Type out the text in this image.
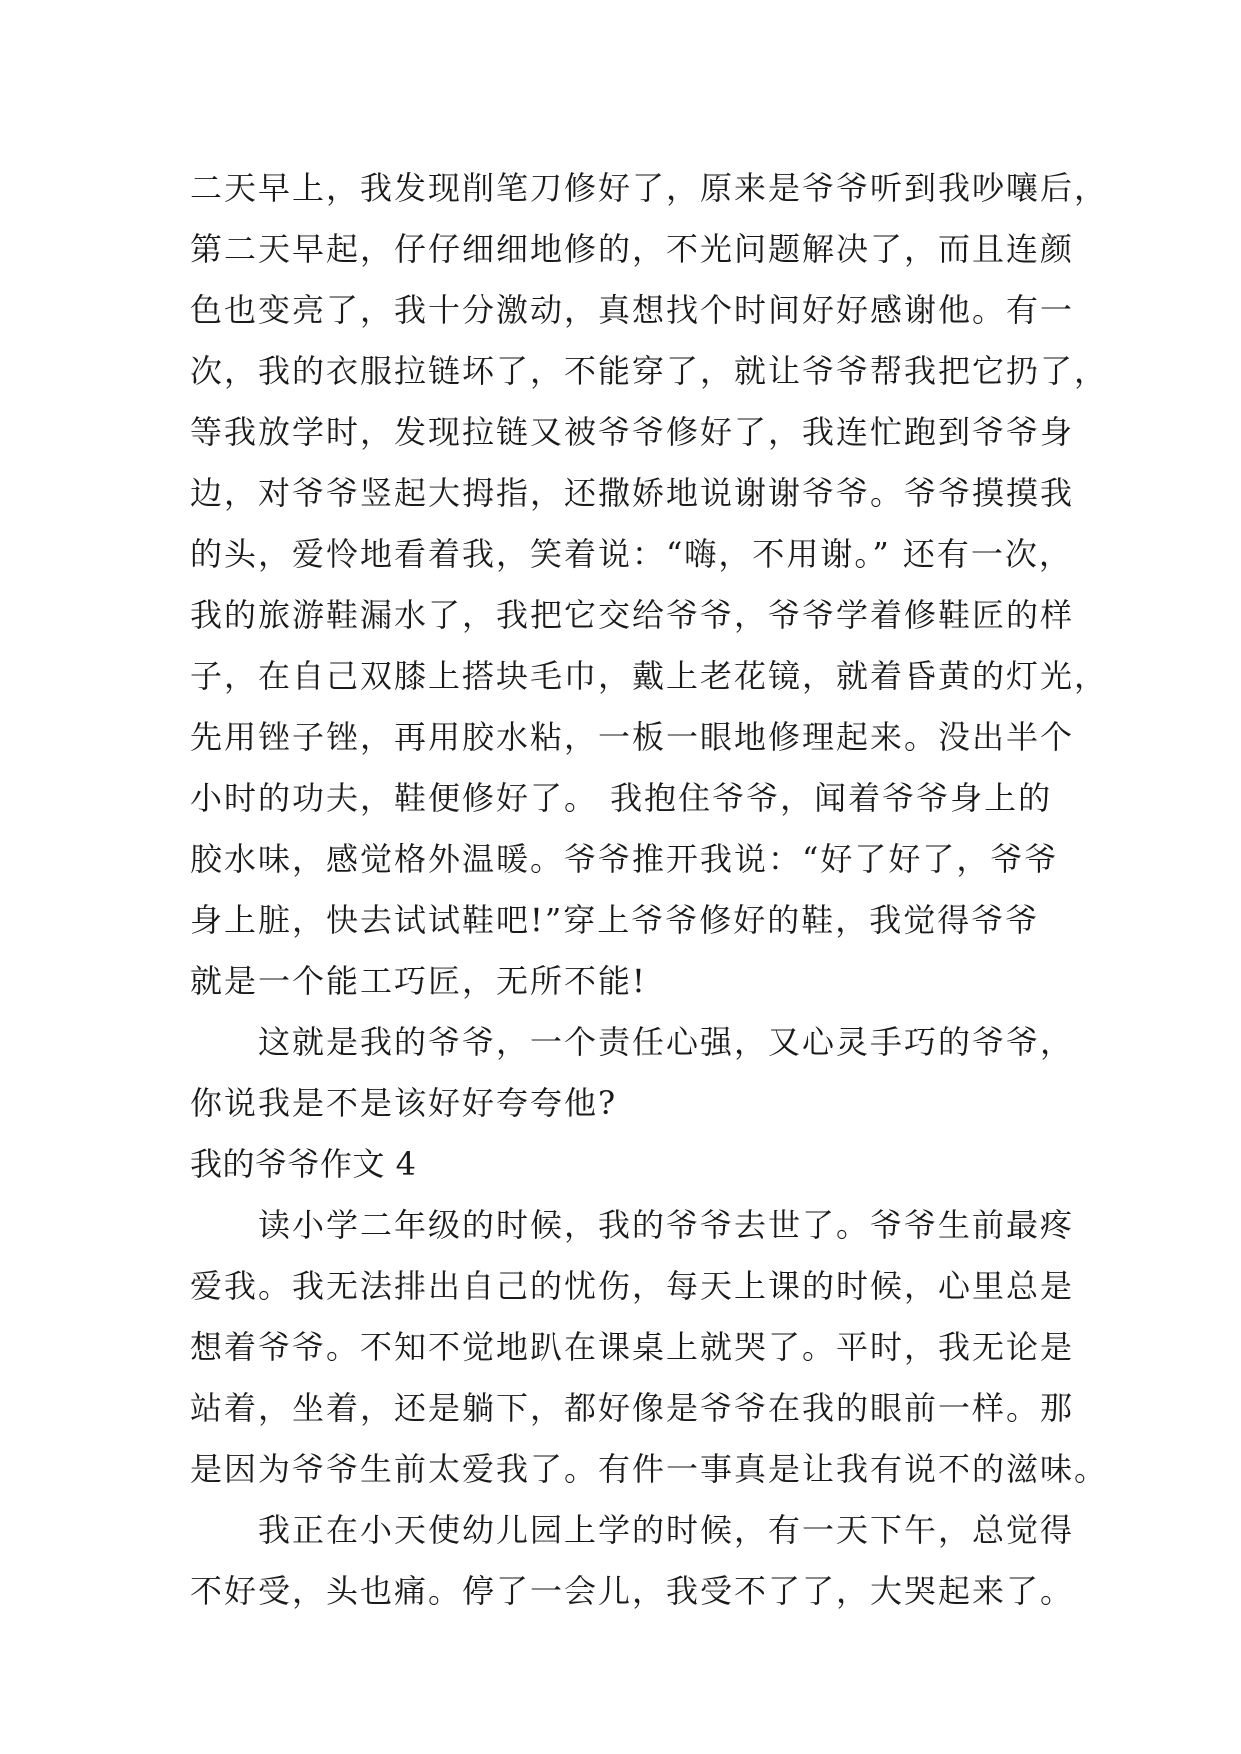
二天早上，我发现削笔刀修好了，原来是爷爷听到我吵嚷后，
第二天早起，仔仔细细地修的，不光问题解决了，而且连颜
色也变亮了，我十分激动，真想找个时间好好感谢他。有一
次，我的衣服拉链坏了，不能穿了，就让爷爷帮我把它扔了，
等我放学时，发现拉链又被爷爷修好了，我连忙跑到爷爷身
边，对爷爷竖起大拇指，还撒娇地说谢谢爷爷。爷爷摸摸我
的头，爱怜地看着我，笑着说：“嗨，不用谢。” 还有一次，
我的旅游鞋漏水了，我把它交给爷爷，爷爷学着修鞋匠的样
子，在自己双膝上搭块毛巾，戴上老花镜，就着昏黄的灯光，
先用锉子锉，再用胶水粘，一板一眼地修理起来。没出半个
小时的功夫，鞋便修好了。 我抱住爷爷，闻着爷爷身上的
胶水味，感觉格外温暖。爷爷推开我说：“好了好了，爷爷
身上脏，快去试试鞋吧!”穿上爷爷修好的鞋，我觉得爷爷
就是一个能工巧匠，无所不能!
这就是我的爷爷，一个责任心强，又心灵手巧的爷爷，
你说我是不是该好好夸夸他?
我的爷爷作文 4
读小学二年级的时候，我的爷爷去世了。爷爷生前最疼
爱我。我无法排出自己的忧伤，每天上课的时候，心里总是
想着爷爷。不知不觉地趴在课桌上就哭了。平时，我无论是
站着，坐着，还是躺下，都好像是爷爷在我的眼前一样。那
是因为爷爷生前太爱我了。有件一事真是让我有说不的滋味。
我正在小天使幼儿园上学的时候，有一天下午，总觉得
不好受，头也痛。停了一会儿，我受不了了，大哭起来了。
